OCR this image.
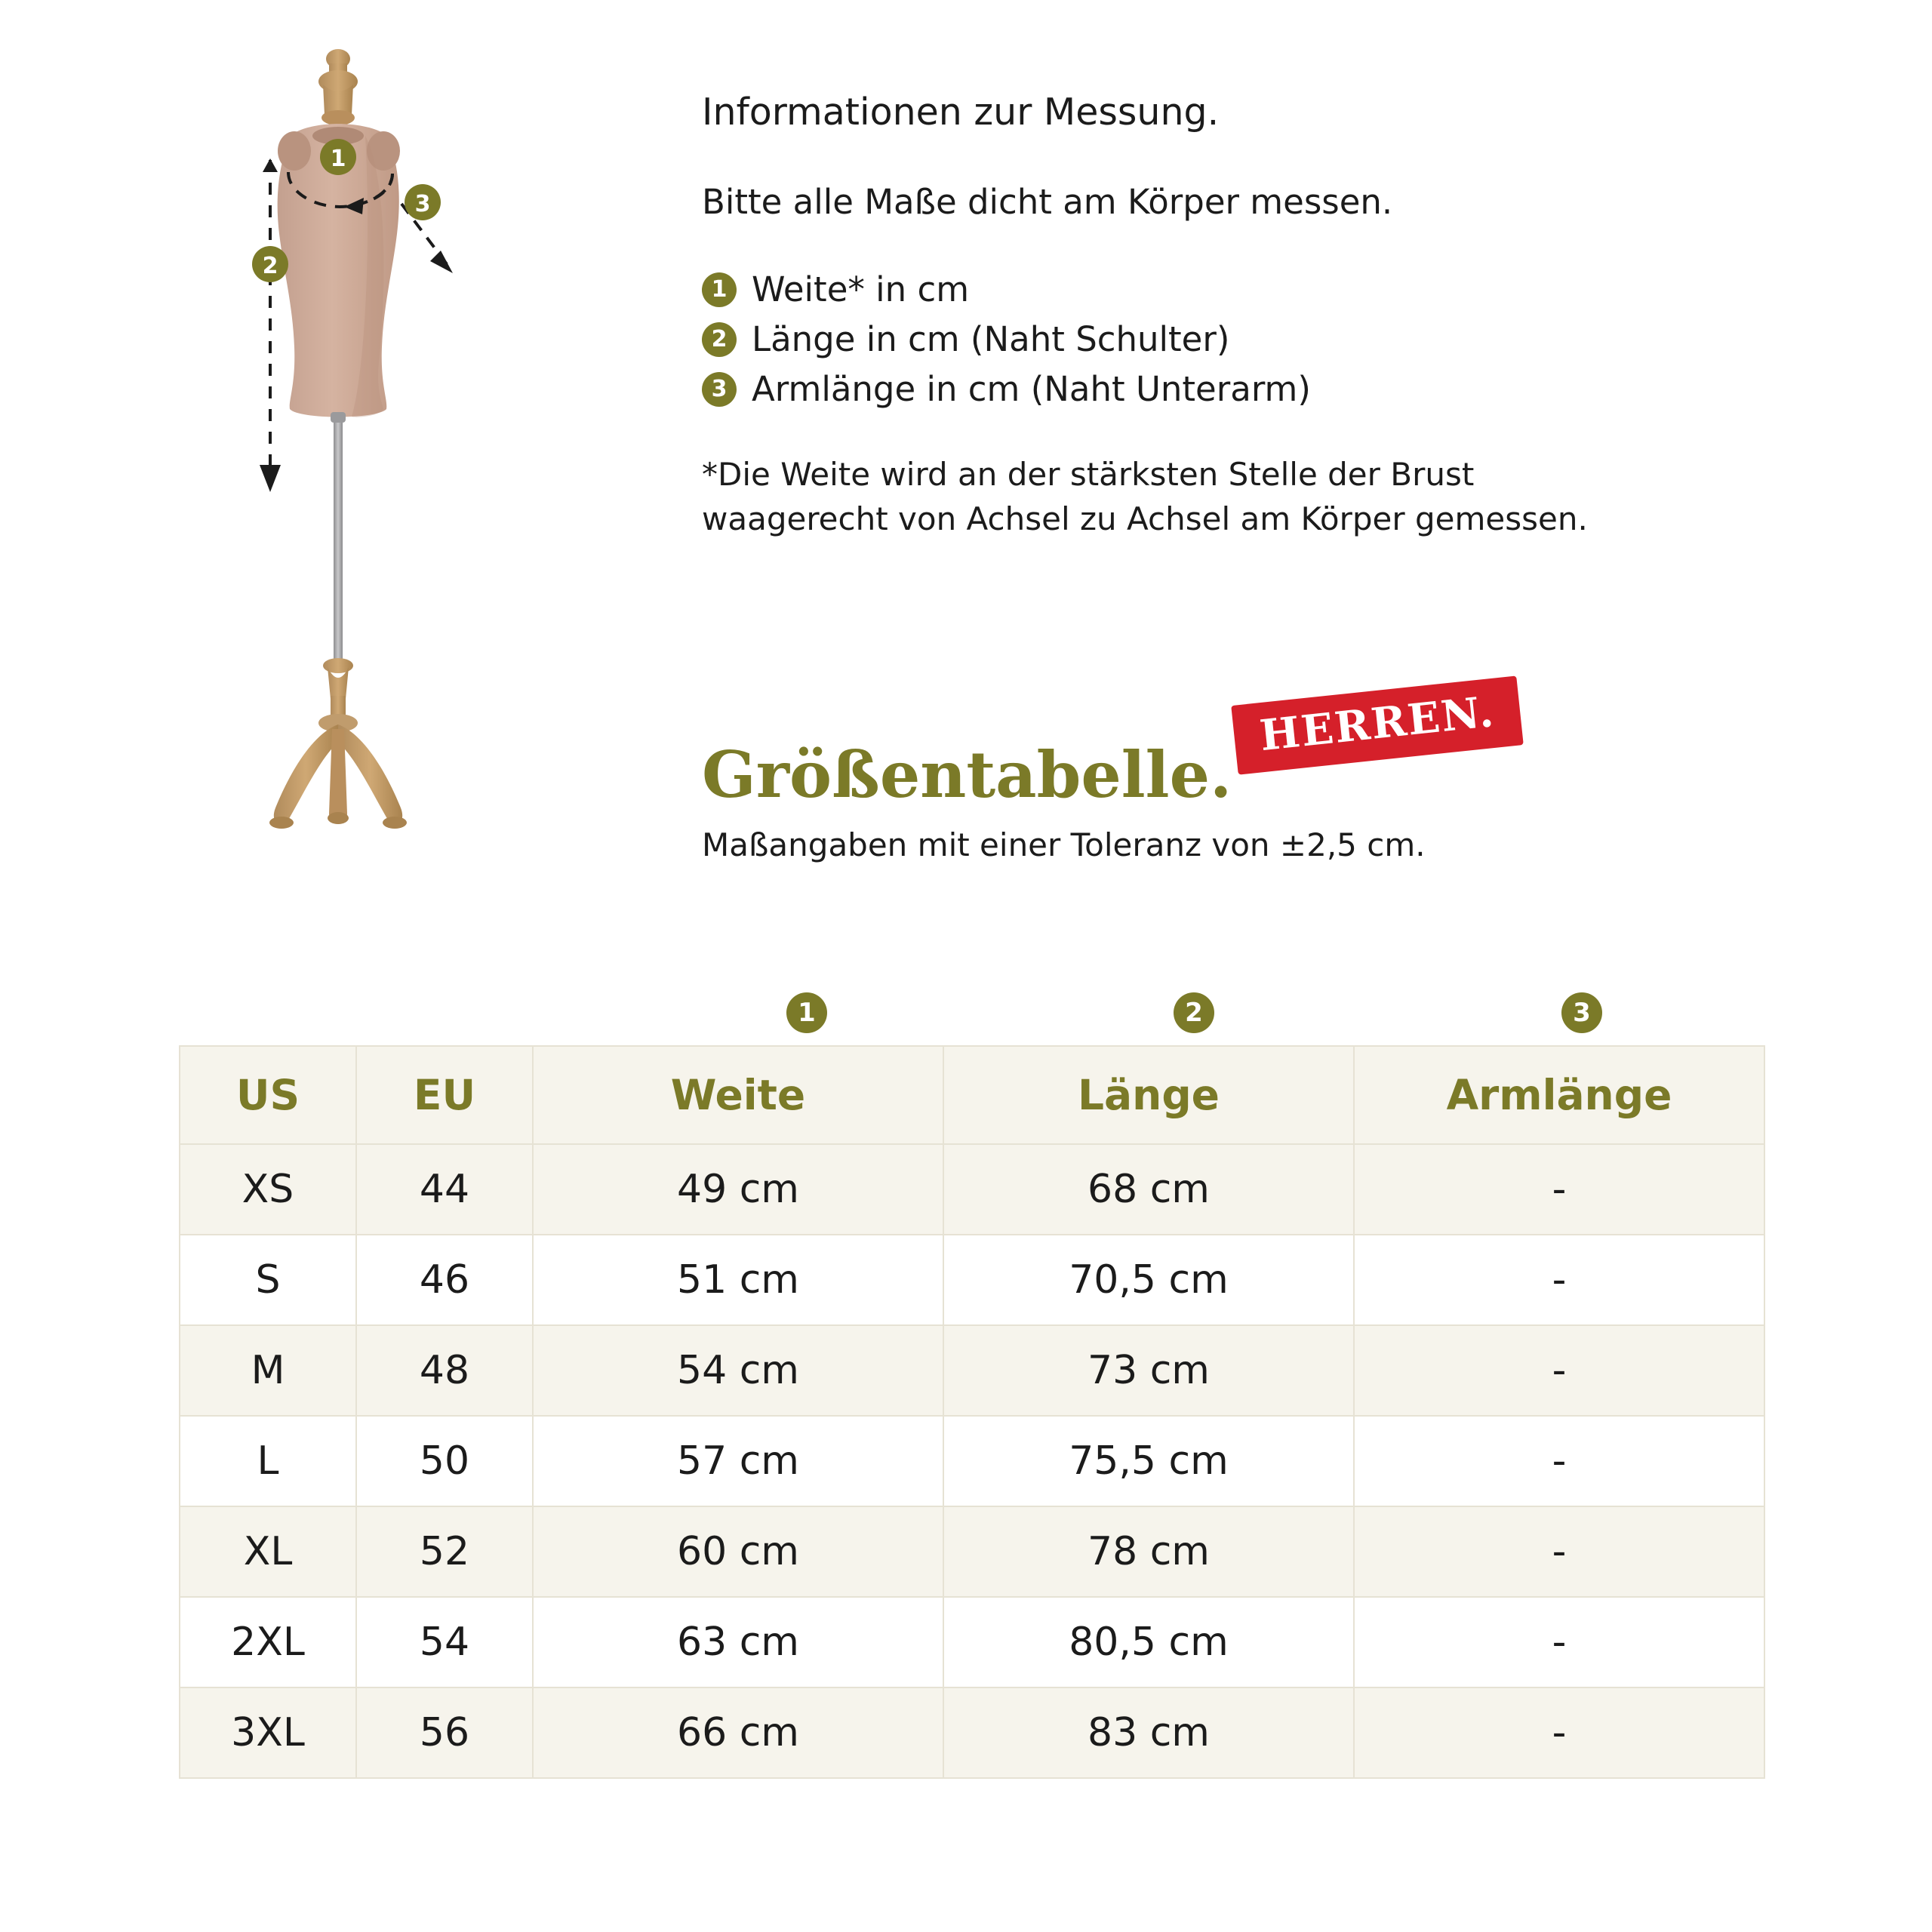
1
2
3
Informationen zur Messung.

Bitte alle Maße dicht am Körper messen.

1 Weite* in cm
2 Länge in cm (Naht Schulter)
3 Armlänge in cm (Naht Unterarm)
*Die Weite wird an der stärksten Stelle der Brust
waagerecht von Achsel zu Achsel am Körper gemessen.
Größentabelle.
HERREN.

Maßangaben mit einer Toleranz von ±2,5 cm.

1	2	3
US	EU	Weite	Länge	Armlänge
XS	44	49 cm	68 cm	-
S	46	51 cm	70,5 cm	-
M	48	54 cm	73 cm	-
L	50	57 cm	75,5 cm	-
XL	52	60 cm	78 cm	-
2XL	54	63 cm	80,5 cm	-
3XL	56	66 cm	83 cm	-
